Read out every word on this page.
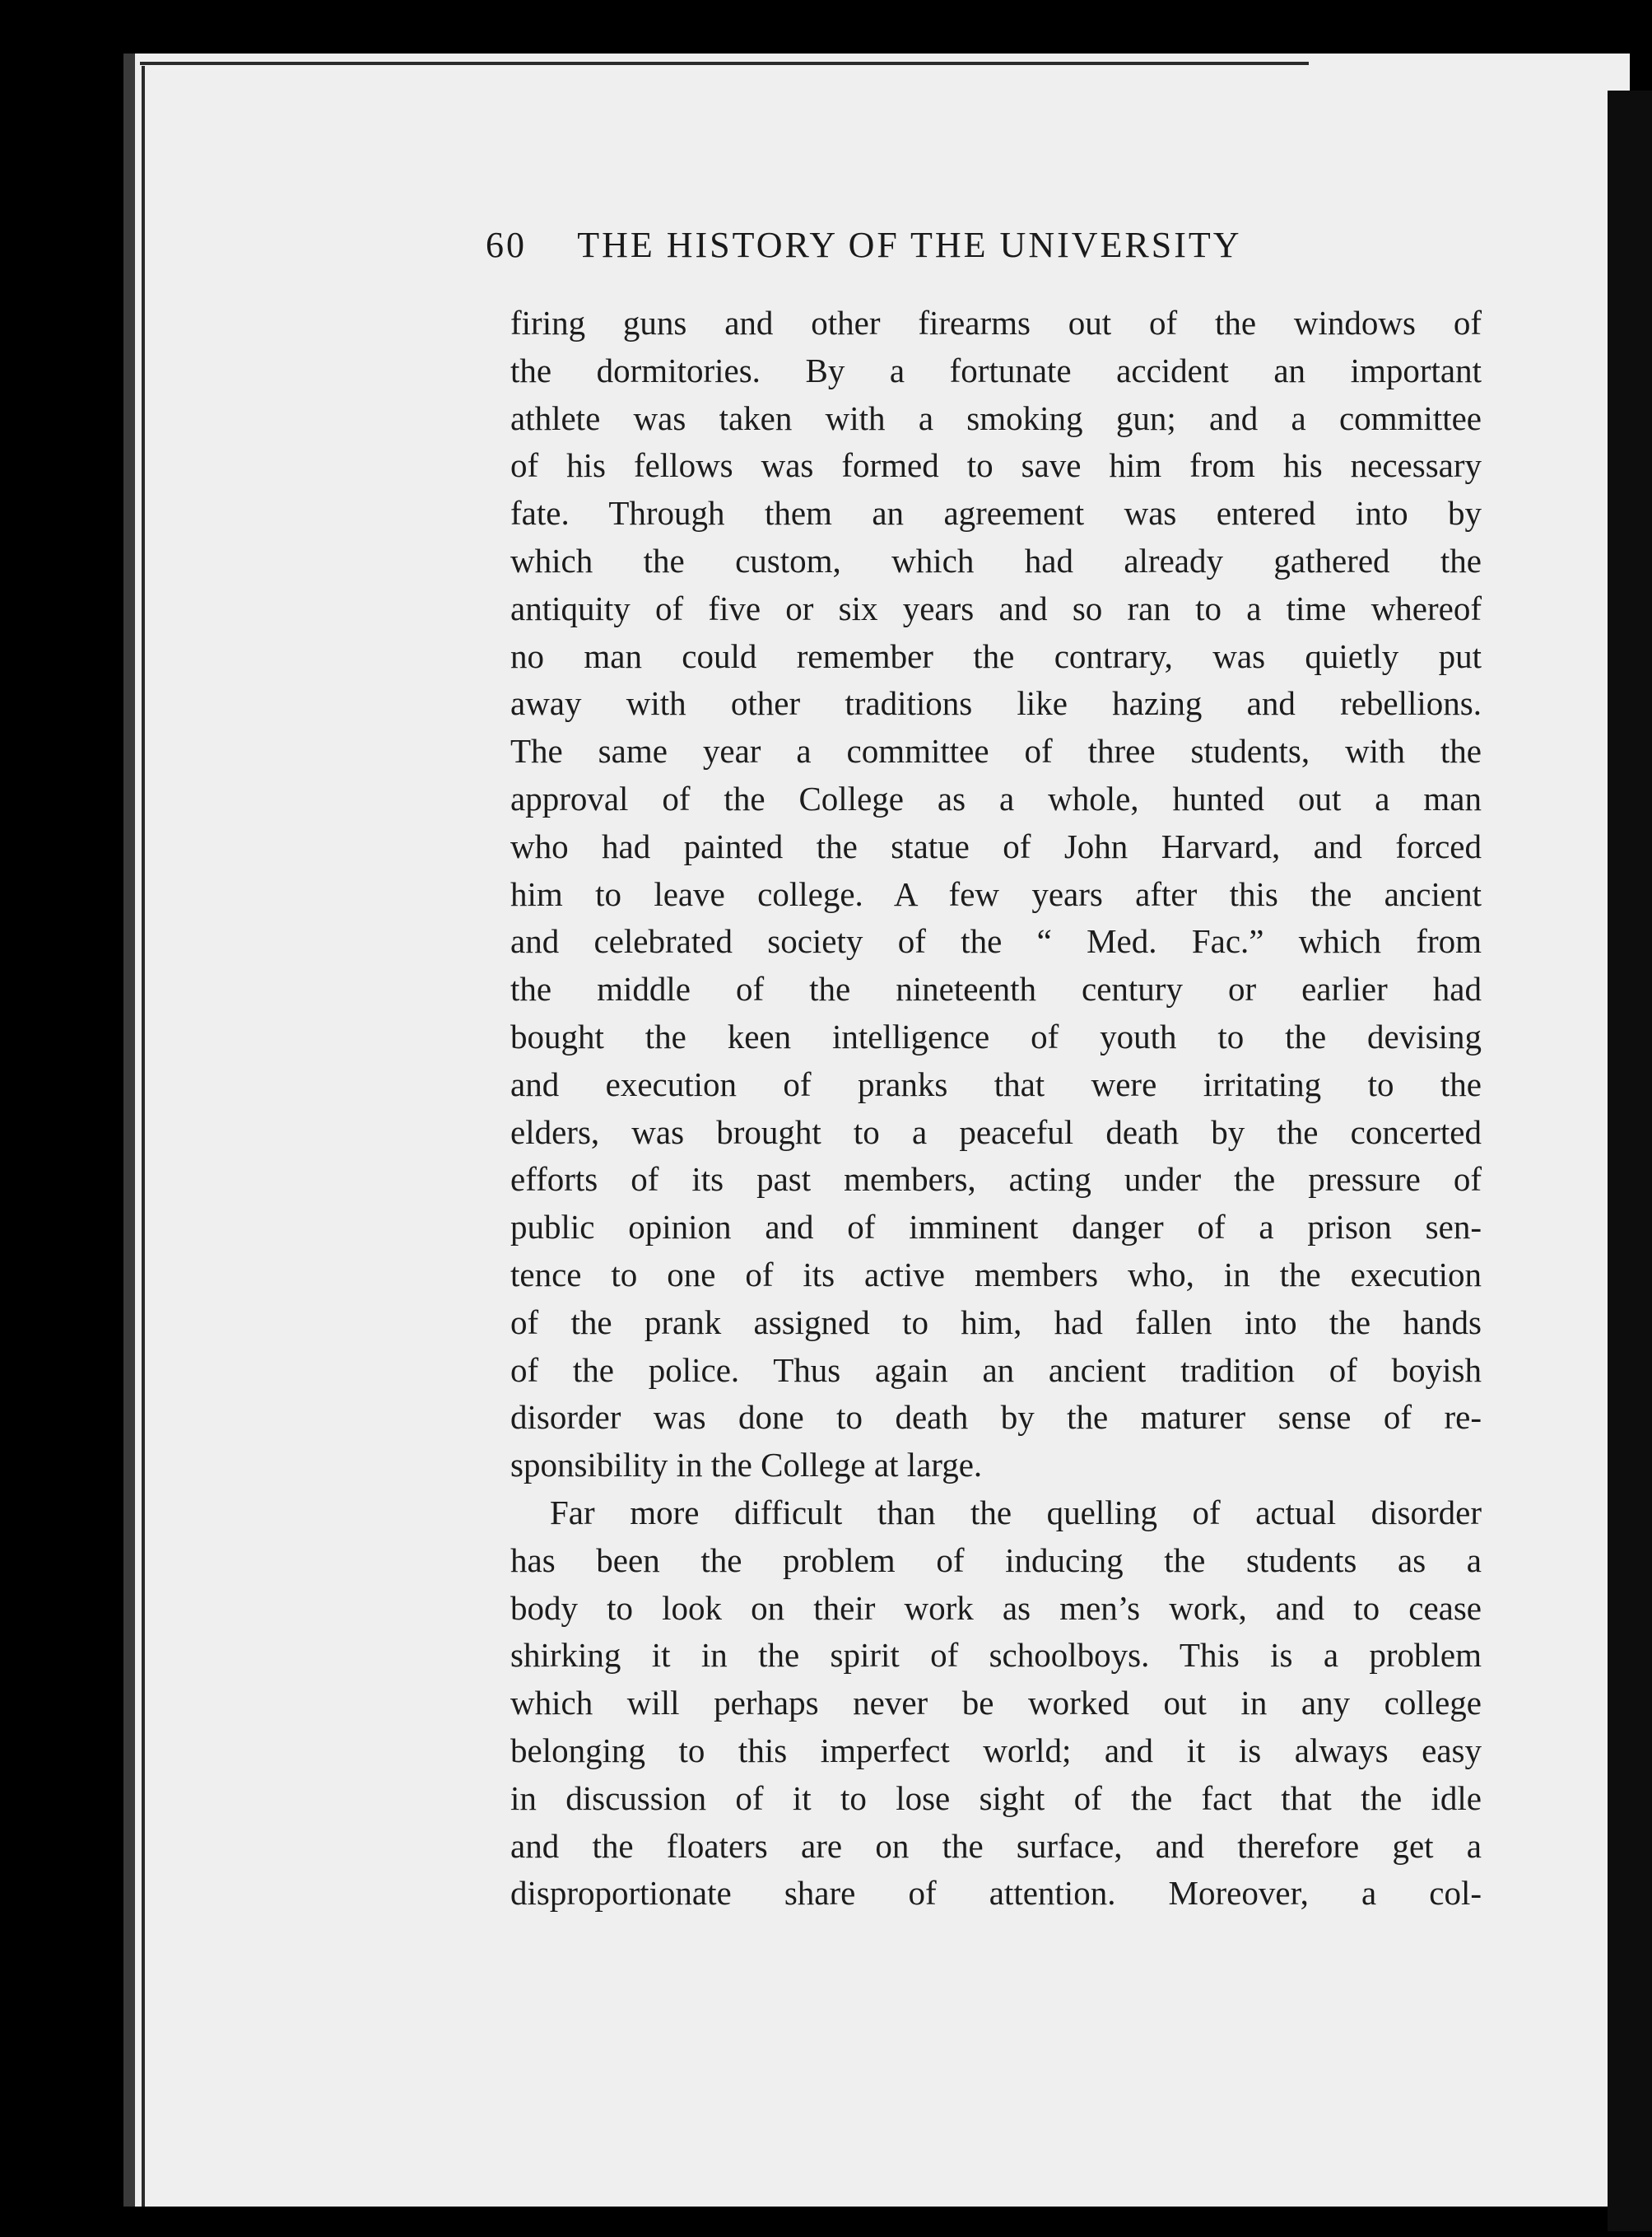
60 THE HISTORY OF THE UNIVERSITY
firing guns and other firearms out of the windows of
the dormitories. By a fortunate accident an important
athlete was taken with a smoking gun; and a committee
of his fellows was formed to save him from his necessary
fate. Through them an agreement was entered into by
which the custom, which had already gathered the
antiquity of five or six years and so ran to a time whereof
no man could remember the contrary, was quietly put
away with other traditions like hazing and rebellions.
The same year a committee of three students, with the
approval of the College as a whole, hunted out a man
who had painted the statue of John Harvard, and forced
him to leave college. A few years after this the ancient
and celebrated society of the “ Med. Fac.” which from
the middle of the nineteenth century or earlier had
bought the keen intelligence of youth to the devising
and execution of pranks that were irritating to the
elders, was brought to a peaceful death by the concerted
efforts of its past members, acting under the pressure of
public opinion and of imminent danger of a prison sen-
tence to one of its active members who, in the execution
of the prank assigned to him, had fallen into the hands
of the police. Thus again an ancient tradition of boyish
disorder was done to death by the maturer sense of re-
sponsibility in the College at large.
Far more difficult than the quelling of actual disorder
has been the problem of inducing the students as a
body to look on their work as men’s work, and to cease
shirking it in the spirit of schoolboys. This is a problem
which will perhaps never be worked out in any college
belonging to this imperfect world; and it is always easy
in discussion of it to lose sight of the fact that the idle
and the floaters are on the surface, and therefore get a
disproportionate share of attention. Moreover, a col-
